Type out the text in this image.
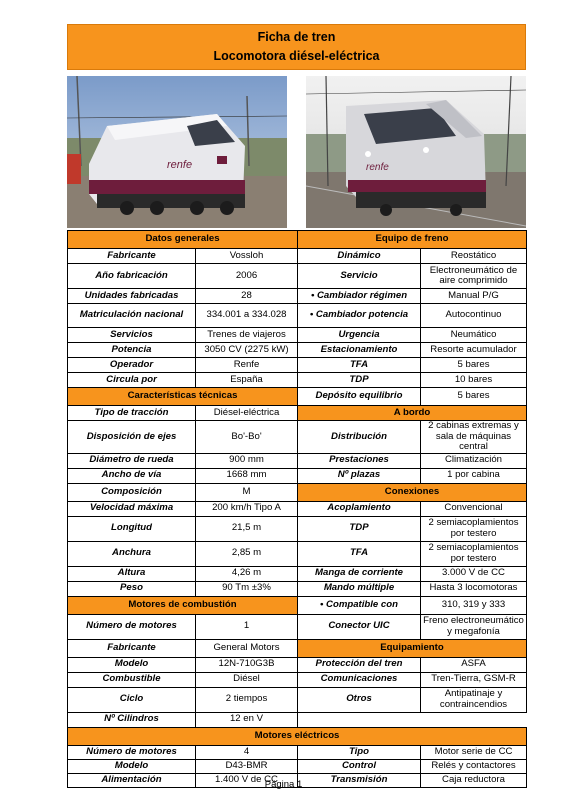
Ficha de tren
Locomotora diésel-eléctrica
renfe	renfe
Datos generales		Equipo de freno	
Fabricante	Vossloh	Dinámico	Reostático
Año fabricación	2006	Servicio	Electroneumático de aire comprimido
Unidades fabricadas	28	• Cambiador régimen	Manual P/G
Matriculación nacional	334.001 a 334.028	• Cambiador potencia	Autocontinuo
Servicios	Trenes de viajeros	Urgencia	Neumático
Potencia	3050 CV (2275 kW)	Estacionamiento	Resorte acumulador
Operador	Renfe	TFA	5 bares
Circula por	España	TDP	10 bares
Características técnicas		Depósito equilibrio	5 bares
Tipo de tracción	Diésel-eléctrica	A bordo	
Disposición de ejes	Bo'-Bo'	Distribución	2 cabinas extremas y sala de máquinas central
Diámetro de rueda	900 mm	Prestaciones	Climatización
Ancho de vía	1668 mm	Nº plazas	1 por cabina
Composición	M	Conexiones	
Velocidad máxima	200 km/h Tipo A	Acoplamiento	Convencional
Longitud	21,5 m	TDP	2 semiacoplamientos por testero
Anchura	2,85 m	TFA	2 semiacoplamientos por testero
Altura	4,26 m	Manga de corriente	3.000 V de CC
Peso	90 Tm ±3%	Mando múltiple	Hasta 3 locomotoras
Motores de combustión		• Compatible con	310, 319 y 333
Número de motores	1	Conector UIC	Freno electroneumático y megafonía
Fabricante	General Motors	Equipamiento	
Modelo	12N-710G3B	Protección del tren	ASFA
Combustible	Diésel	Comunicaciones	Tren-Tierra, GSM-R
Ciclo	2 tiempos	Otros	Antipatinaje y contraincendios
Nº Cilindros	12 en V		
Motores eléctricos			
Número de motores	4	Tipo	Motor serie de CC
Modelo	D43-BMR	Control	Relés y contactores
Alimentación	1.400 V de CC	Transmisión	Caja reductora
Página 1
